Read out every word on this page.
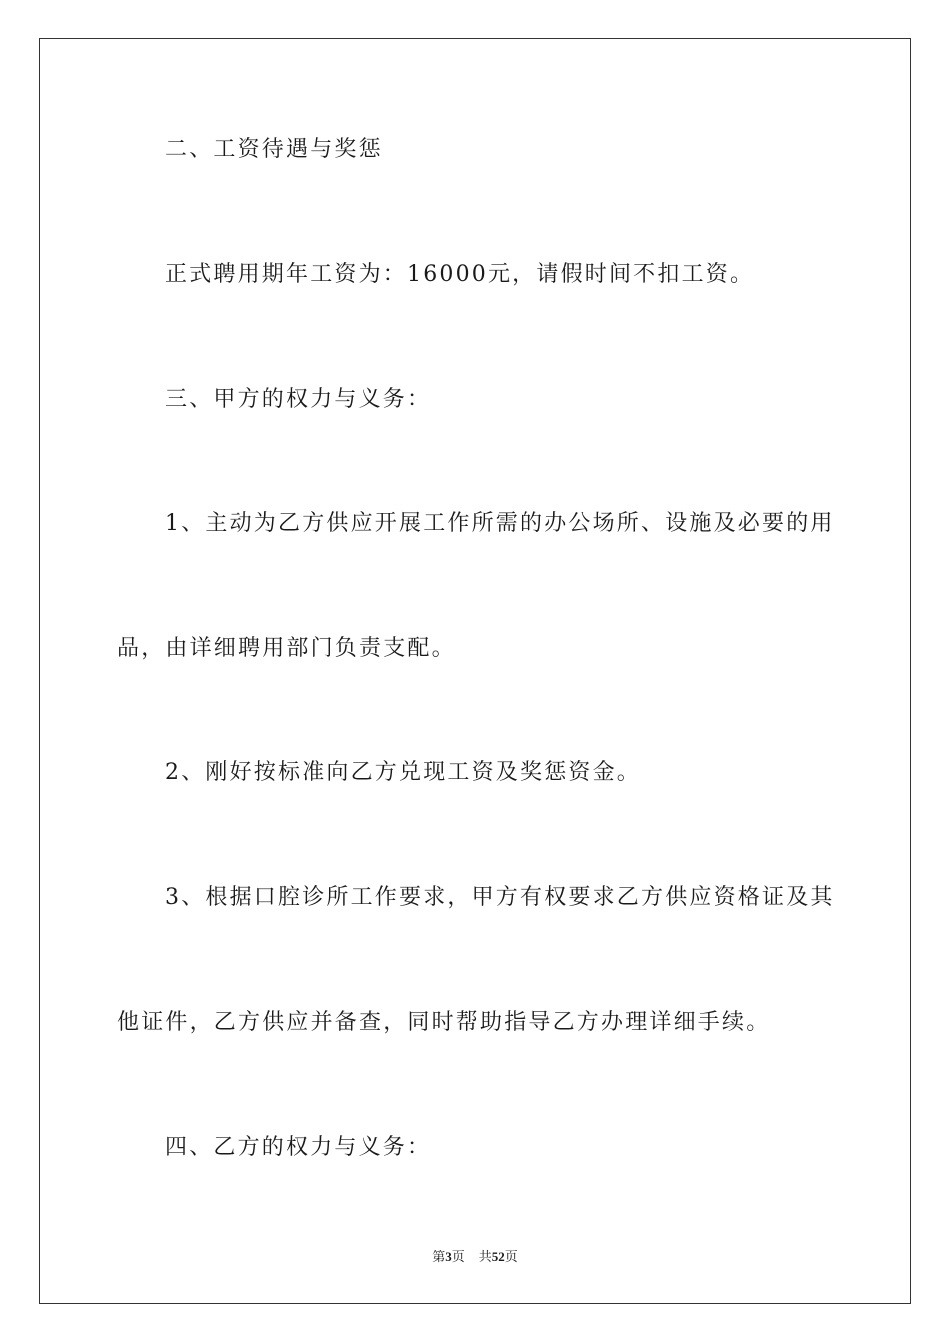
二、工资待遇与奖惩

正式聘用期年工资为：16000元，请假时间不扣工资。

三、甲方的权力与义务：

1、主动为乙方供应开展工作所需的办公场所、设施及必要的用

品，由详细聘用部门负责支配。

2、刚好按标准向乙方兑现工资及奖惩资金。

3、根据口腔诊所工作要求，甲方有权要求乙方供应资格证及其

他证件，乙方供应并备查，同时帮助指导乙方办理详细手续。

四、乙方的权力与义务：

第3页 共52页
